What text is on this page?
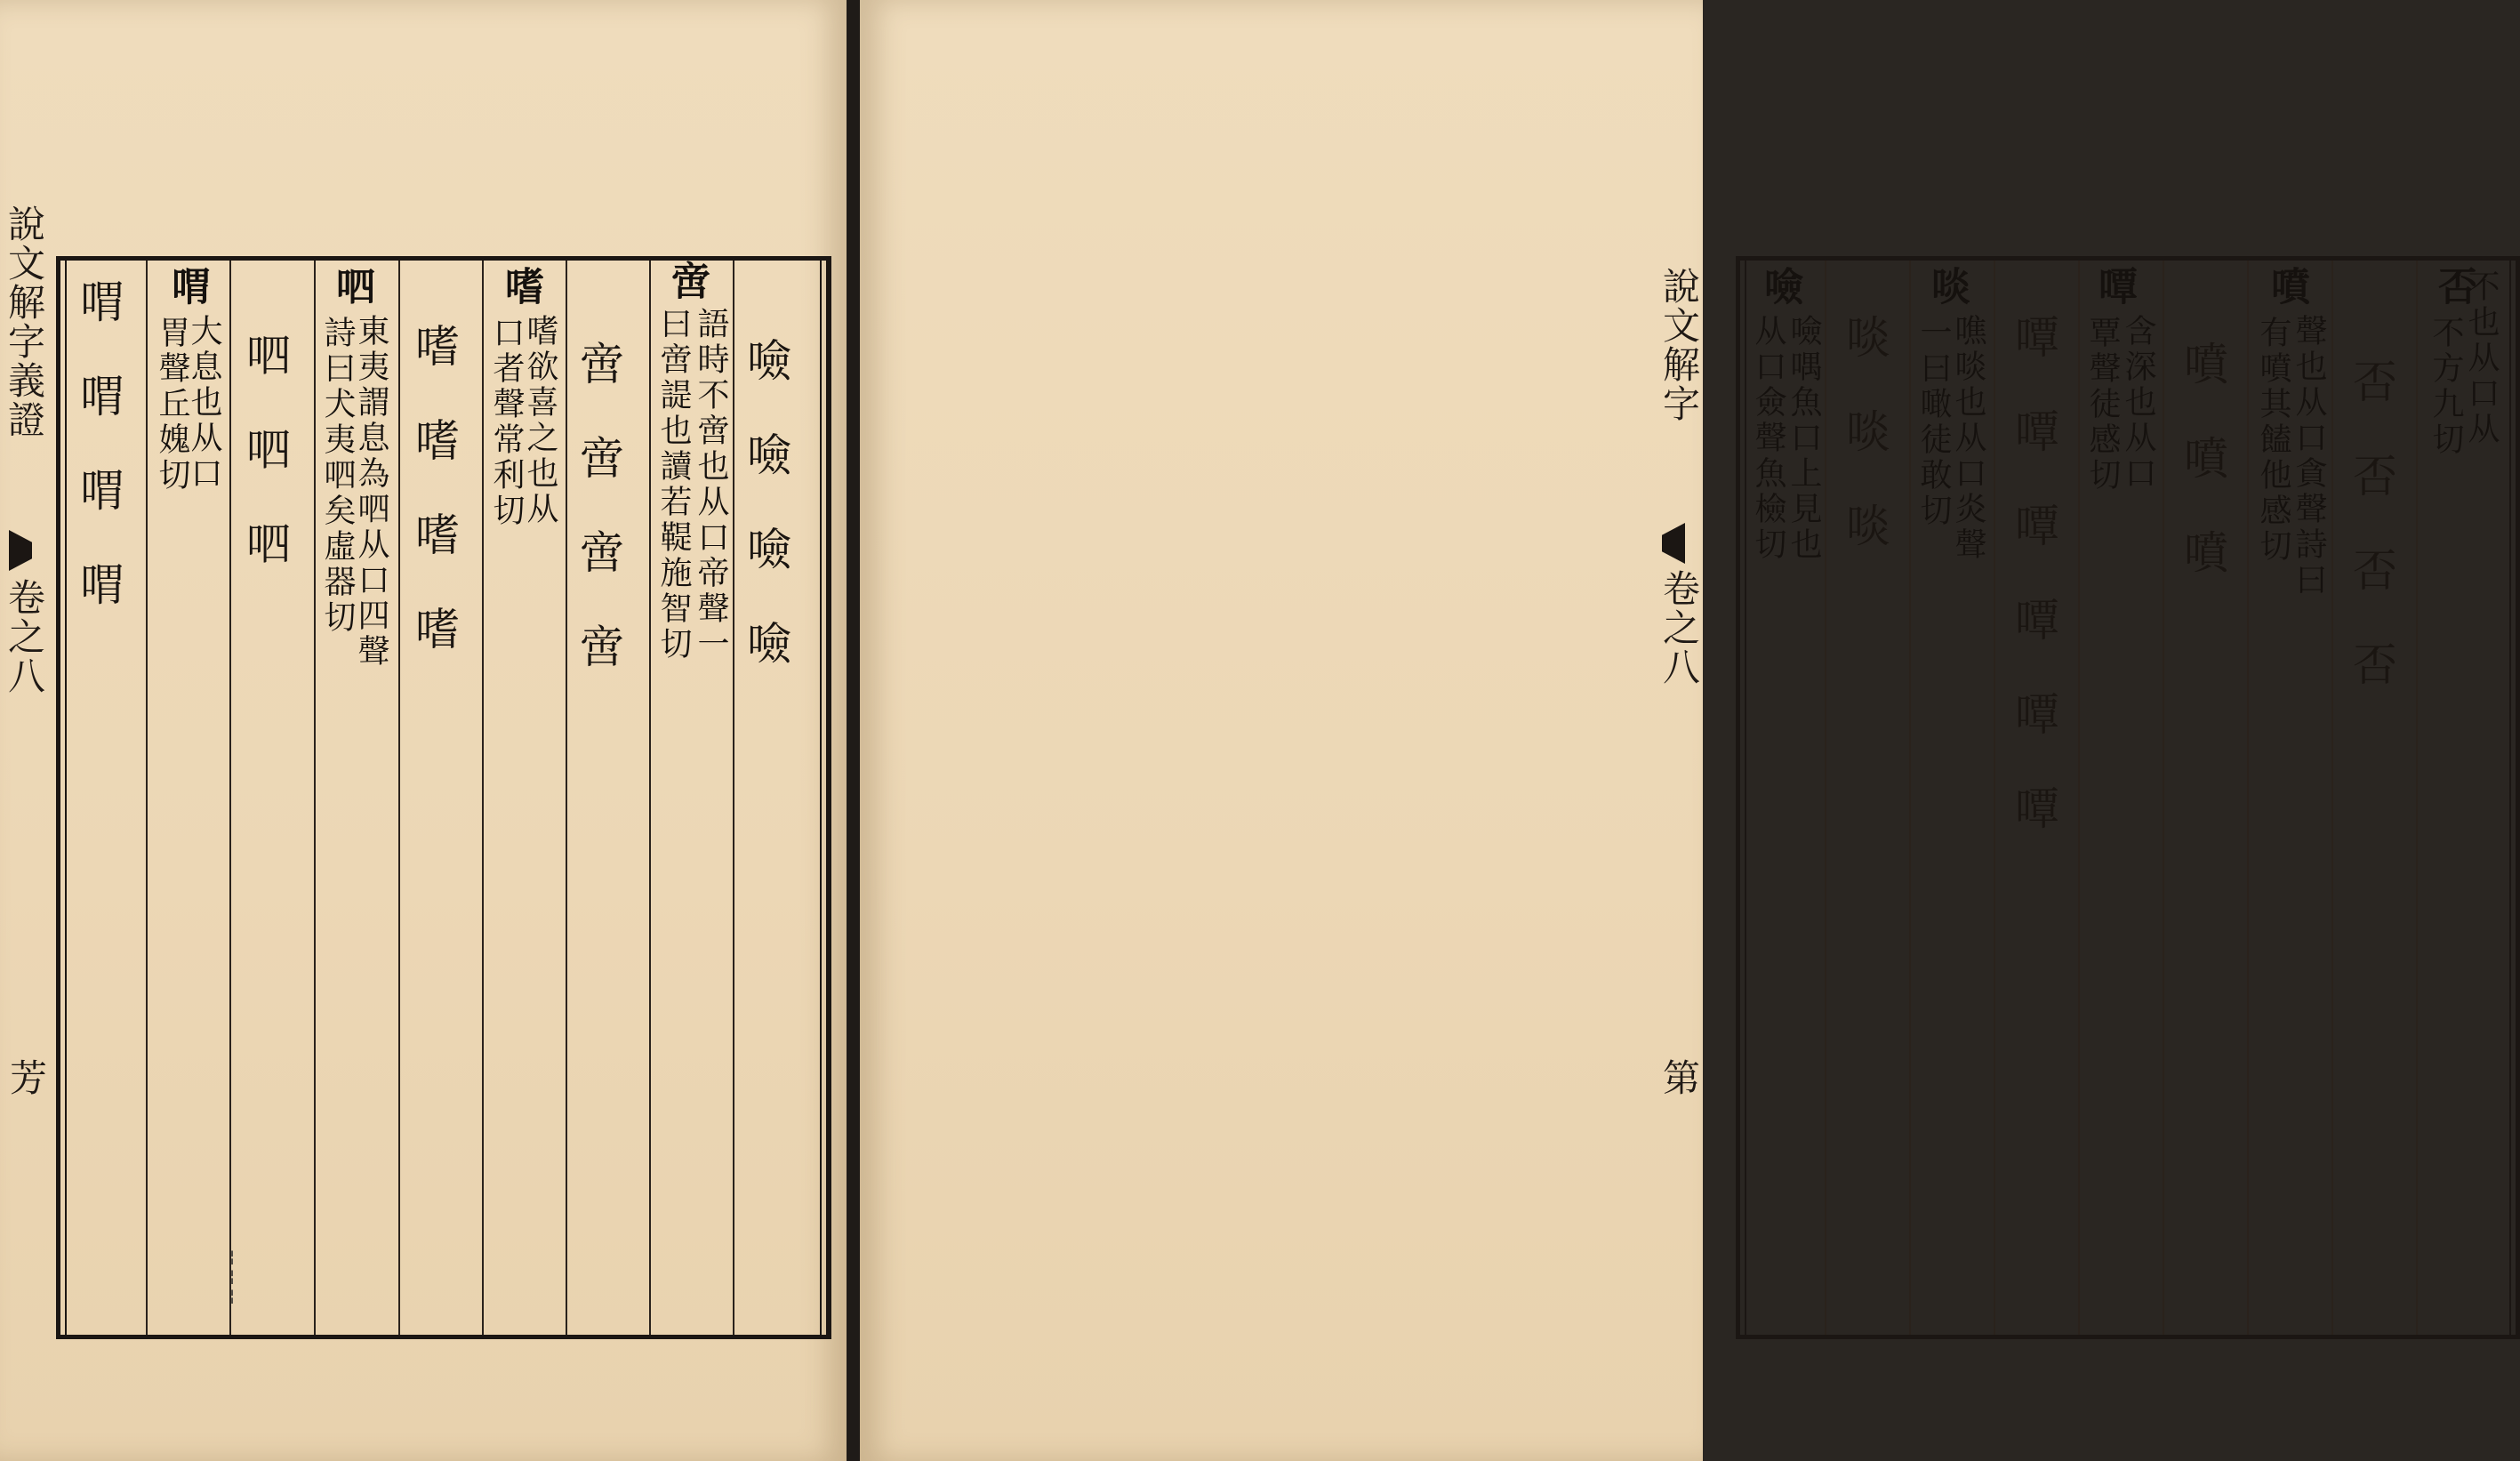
說文解字義證
卷之八
芳
¦
¦
¦
喟喟喟喟 喟
大息也从口
胃聲丘媿切 呬呬呬
呬
東夷謂息為呬从口四聲
詩曰犬夷呬矣虛器切 嗜嗜嗜嗜
嗜
嗜欲喜之也从
口者聲常利切 啻啻啻啻
啻
語時不啻也从口帝聲一
曰啻諟也讀若鞮施智切 噞噞噞噞
噞
噞喁魚口上見也
从口僉聲魚檢切 啖啖啖
啖
噍啖也从口炎聲
一曰噉徒敢切 嘾嘾嘾嘾嘾嘾
嘾
含深也从口
覃聲徒感切 噴噴噴
噴
聲也从口貪聲詩曰
有噴其饁他感切 否否否否
否
不也从口从
不方九切
說文解字
卷之八
第
